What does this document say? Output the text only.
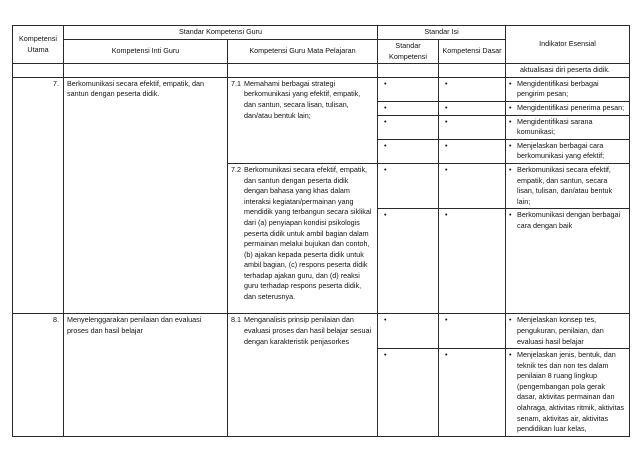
Kompetensi Utama	Standar Kompetensi Guru		Standar Isi		Indikator Esensial
	Kompetensi Inti Guru	Kompetensi Guru Mata Pelajaran	Standar Kompetensi	Kompetensi Dasar	

					aktualisasi diri peserta didik.
7.	Berkomunikasi secara efektif, empatik, dan santun dengan peserta didik.	7.1 Memahami berbagai strategi berkomunikasi yang efektif, empatik, dan santun, secara lisan, tulisan, dan/atau bentuk lain;	•	•	• Mengidentifikasi berbagai pengirim pesan;

			•	•	• Mengidentifikasi penerima pesan;

			•	•	• Mengidentifikasi sarana komunikasi;

			•	•	• Menjelaskan berbagai cara berkomunikasi yang efektif;

		7.2 Berkomunikasi secara efektif, empatik, dan santun dengan peserta didik dengan bahasa yang khas dalam interaksi kegiatan/permainan yang mendidik yang terbangun secara siklikal dari (a) penyiapan kondisi psikologis peserta didik untuk ambil bagian dalam permainan melalui bujukan dan contoh, (b) ajakan kepada peserta didik untuk ambil bagian, (c) respons peserta didik terhadap ajakan guru, dan (d) reaksi guru terhadap respons peserta didik, dan seterusnya.	•	•	• Berkomunikasi secara efektif, empatik, dan santun, secara lisan, tulisan, dan/atau bentuk lain;

			•	•	• Berkomunikasi dengan berbagai cara dengan baik

8.	Menyelenggarakan penilaian dan evaluasi proses dan hasil belajar	8.1 Menganalisis prinsip penilaian dan evaluasi proses dan hasil belajar sesuai dengan karakteristik penjasorkes	•	•	• Menjelaskan konsep tes, pengukuran, penilaian, dan evaluasi hasil belajar

			•	•	• Menjelaskan jenis, bentuk, dan teknik tes dan non tes dalam penilaian 8 ruang lingkup (pengembangan pola gerak dasar, aktivitas permainan dan olahraga, aktivitas ritmik, aktivitas senam, aktivitas air, aktivitas pendidikan luar kelas,
